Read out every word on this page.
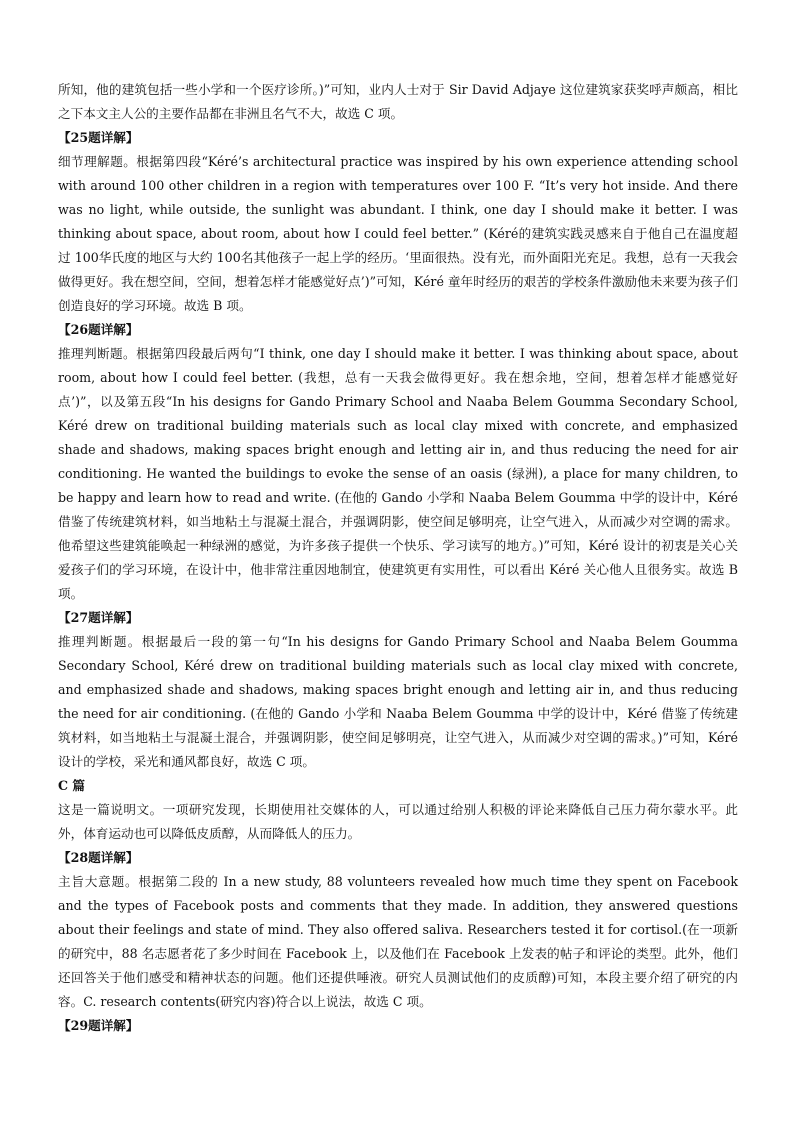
所知，他的建筑包括一些小学和一个医疗诊所。)”可知，业内人士对于 Sir David Adjaye 这位建筑家获奖呼声颇高，相比之下本文主人公的主要作品都在非洲且名气不大，故选 C 项。

【25题详解】

细节理解题。根据第四段“Kéré’s architectural practice was inspired by his own experience attending school with around 100 other children in a region with temperatures over 100 F. “It’s very hot inside. And there was no light, while outside, the sunlight was abundant. I think, one day I should make it better. I was thinking about space, about room, about how I could feel better.” (Kéré的建筑实践灵感来自于他自己在温度超过 100华氏度的地区与大约 100名其他孩子一起上学的经历。‘里面很热。没有光，而外面阳光充足。我想，总有一天我会做得更好。我在想空间，空间，想着怎样才能感觉好点’)”可知，Kéré 童年时经历的艰苦的学校条件激励他未来要为孩子们创造良好的学习环境。故选 B 项。

【26题详解】

推理判断题。根据第四段最后两句“I think, one day I should make it better. I was thinking about space, about room, about how I could feel better. (我想，总有一天我会做得更好。我在想余地，空间，想着怎样才能感觉好点’)”，以及第五段“In his designs for Gando Primary School and Naaba Belem Goumma Secondary School, Kéré drew on traditional building materials such as local clay mixed with concrete, and emphasized shade and shadows, making spaces bright enough and letting air in, and thus reducing the need for air conditioning. He wanted the buildings to evoke the sense of an oasis (绿洲), a place for many children, to be happy and learn how to read and write. (在他的 Gando 小学和 Naaba Belem Goumma 中学的设计中，Kéré 借鉴了传统建筑材料，如当地粘土与混凝土混合，并强调阴影，使空间足够明亮，让空气进入，从而减少对空调的需求。他希望这些建筑能唤起一种绿洲的感觉，为许多孩子提供一个快乐、学习读写的地方。)”可知，Kéré 设计的初衷是关心关爱孩子们的学习环境，在设计中，他非常注重因地制宜，使建筑更有实用性，可以看出 Kéré 关心他人且很务实。故选 B 项。

【27题详解】

推理判断题。根据最后一段的第一句“In his designs for Gando Primary School and Naaba Belem Goumma Secondary School, Kéré drew on traditional building materials such as local clay mixed with concrete, and emphasized shade and shadows, making spaces bright enough and letting air in, and thus reducing the need for air conditioning. (在他的 Gando 小学和 Naaba Belem Goumma 中学的设计中，Kéré 借鉴了传统建筑材料，如当地粘土与混凝土混合，并强调阴影，使空间足够明亮，让空气进入，从而减少对空调的需求。)”可知，Kéré 设计的学校，采光和通风都良好，故选 C 项。

C 篇

这是一篇说明文。一项研究发现，长期使用社交媒体的人，可以通过给别人积极的评论来降低自己压力荷尔蒙水平。此外，体育运动也可以降低皮质醇，从而降低人的压力。

【28题详解】

主旨大意题。根据第二段的 In a new study, 88 volunteers revealed how much time they spent on Facebook and the types of Facebook posts and comments that they made. In addition, they answered questions about their feelings and state of mind. They also offered saliva. Researchers tested it for cortisol.(在一项新的研究中，88 名志愿者花了多少时间在 Facebook 上，以及他们在 Facebook 上发表的帖子和评论的类型。此外，他们还回答关于他们感受和精神状态的问题。他们还提供唾液。研究人员测试他们的皮质醇)可知，本段主要介绍了研究的内容。C. research contents(研究内容)符合以上说法，故选 C 项。

【29题详解】
